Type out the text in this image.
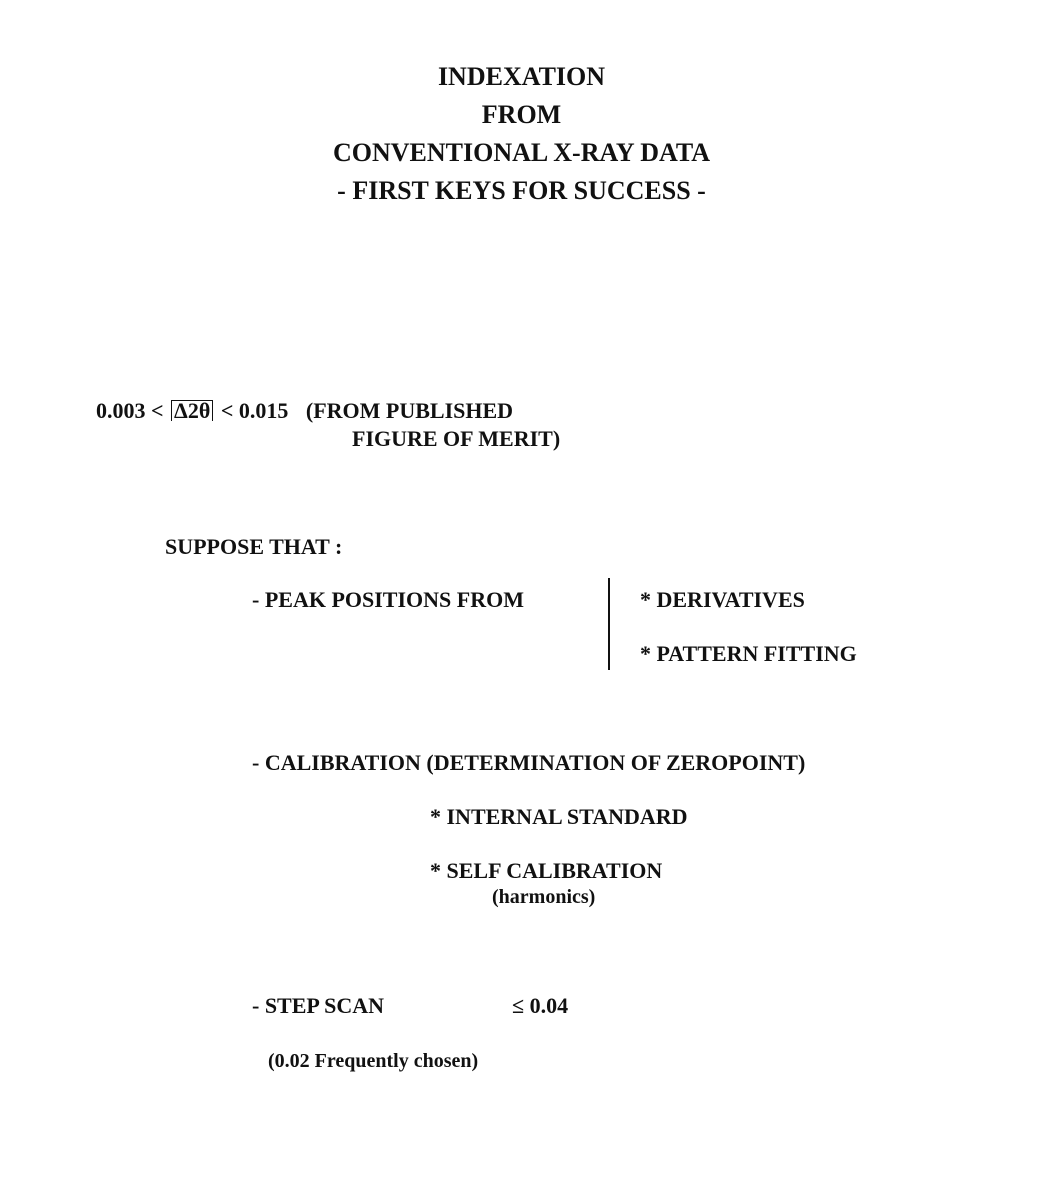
INDEXATION
FROM
CONVENTIONAL X-RAY DATA
- FIRST KEYS FOR SUCCESS -
0.003 < Δ2θ < 0.015 (FROM PUBLISHED
FIGURE OF MERIT)
SUPPOSE THAT :
- PEAK POSITIONS FROM	* DERIVATIVES
* PATTERN FITTING
- CALIBRATION (DETERMINATION OF ZEROPOINT)
* INTERNAL STANDARD
* SELF CALIBRATION
(harmonics)
- STEP SCAN	≤ 0.04
(0.02 Frequently chosen)
